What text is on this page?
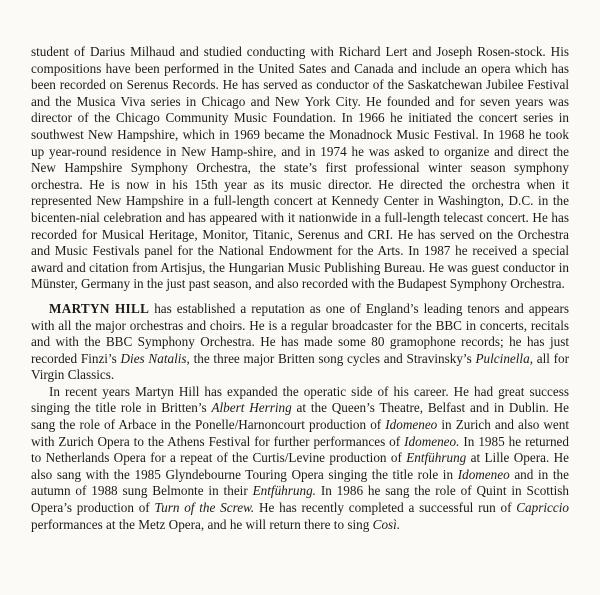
student of Darius Milhaud and studied conducting with Richard Lert and Joseph Rosen-stock. His compositions have been performed in the United Sates and Canada and include an opera which has been recorded on Serenus Records. He has served as conductor of the Saskatchewan Jubilee Festival and the Musica Viva series in Chicago and New York City. He founded and for seven years was director of the Chicago Community Music Foundation. In 1966 he initiated the concert series in southwest New Hampshire, which in 1969 became the Monadnock Music Festival. In 1968 he took up year-round residence in New Hamp-shire, and in 1974 he was asked to organize and direct the New Hampshire Symphony Orchestra, the state’s first professional winter season symphony orchestra. He is now in his 15th year as its music director. He directed the orchestra when it represented New Hampshire in a full-length concert at Kennedy Center in Washington, D.C. in the bicenten-nial celebration and has appeared with it nationwide in a full-length telecast concert. He has recorded for Musical Heritage, Monitor, Titanic, Serenus and CRI. He has served on the Orchestra and Music Festivals panel for the National Endowment for the Arts. In 1987 he received a special award and citation from Artisjus, the Hungarian Music Publishing Bureau. He was guest conductor in Münster, Germany in the just past season, and also recorded with the Budapest Symphony Orchestra.

MARTYN HILL has established a reputation as one of England’s leading tenors and appears with all the major orchestras and choirs. He is a regular broadcaster for the BBC in concerts, recitals and with the BBC Symphony Orchestra. He has made some 80 gramophone records; he has just recorded Finzi’s Dies Natalis, the three major Britten song cycles and Stravinsky’s Pulcinella, all for Virgin Classics.

In recent years Martyn Hill has expanded the operatic side of his career. He had great success singing the title role in Britten’s Albert Herring at the Queen’s Theatre, Belfast and in Dublin. He sang the role of Arbace in the Ponelle/Harnoncourt production of Idomeneo in Zurich and also went with Zurich Opera to the Athens Festival for further performances of Idomeneo. In 1985 he returned to Netherlands Opera for a repeat of the Curtis/Levine production of Entführung at Lille Opera. He also sang with the 1985 Glyndebourne Touring Opera singing the title role in Idomeneo and in the autumn of 1988 sung Belmonte in their Entführung. In 1986 he sang the role of Quint in Scottish Opera’s production of Turn of the Screw. He has recently completed a successful run of Capriccio performances at the Metz Opera, and he will return there to sing Così.
